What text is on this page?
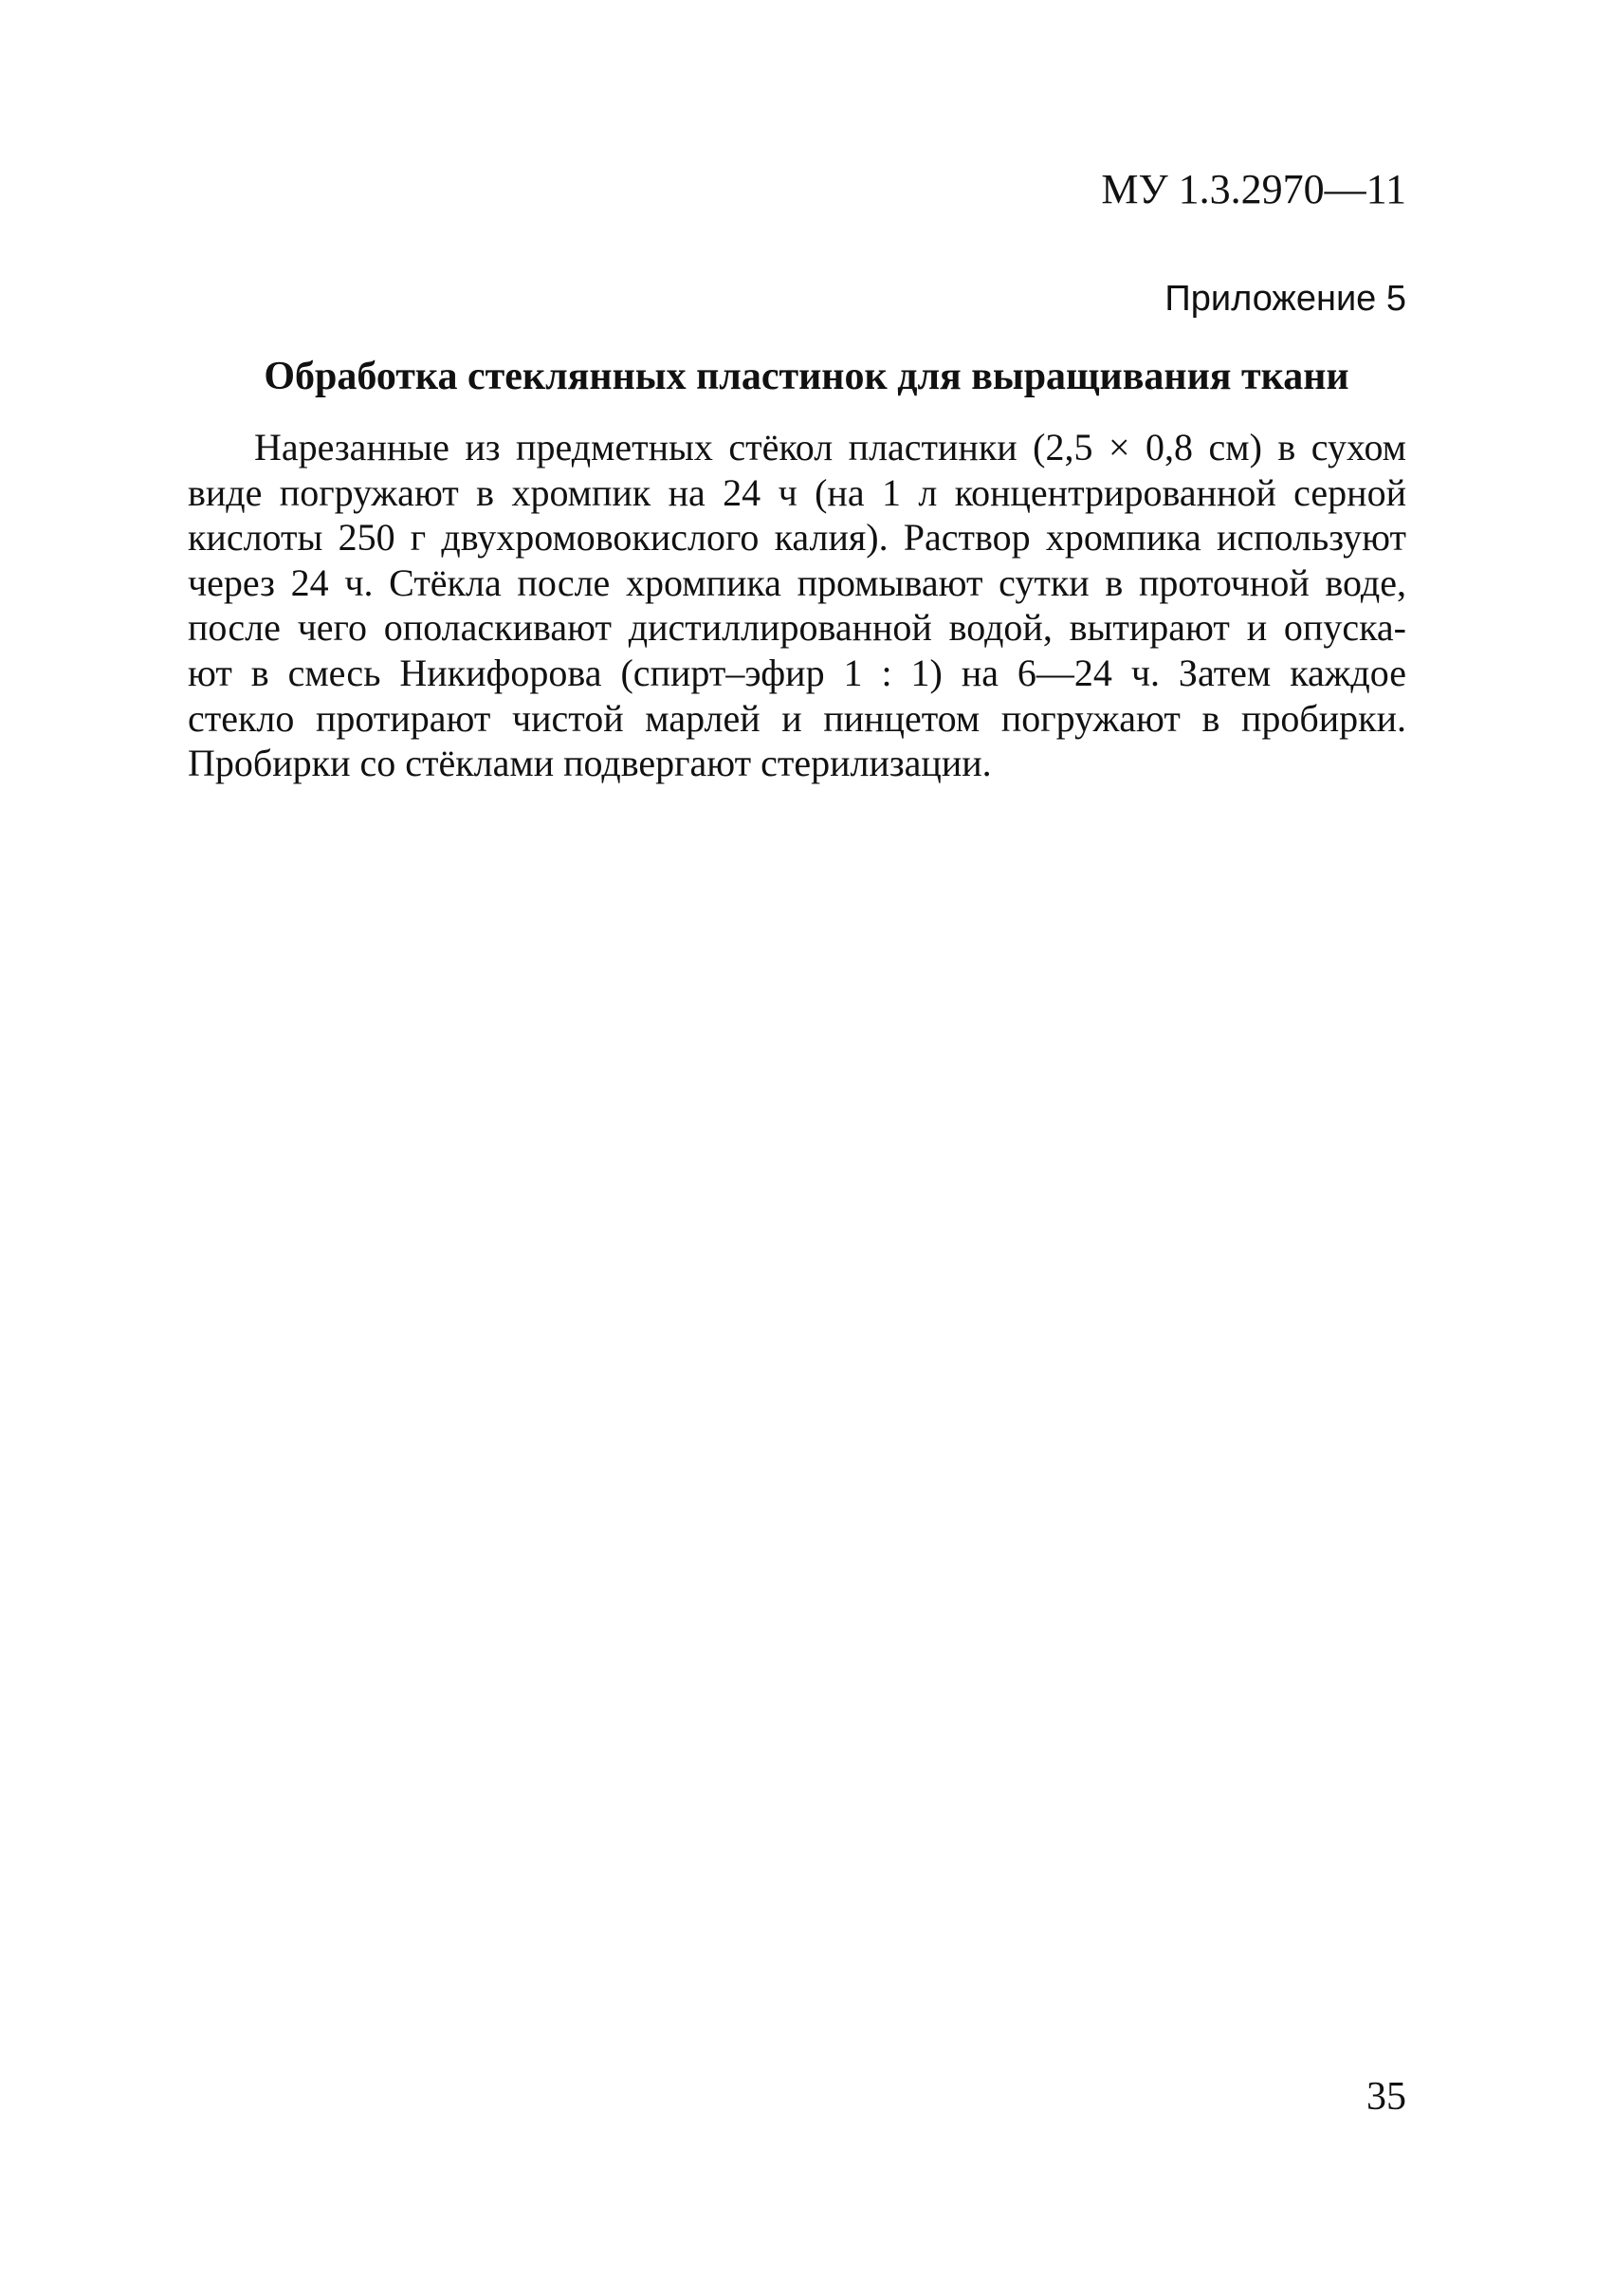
МУ 1.3.2970—11
Приложение 5
Обработка стеклянных пластинок для выращивания ткани
Нарезанные из предметных стёкол пластинки (2,5 × 0,8 см) в сухом
виде погружают в хромпик на 24 ч (на 1 л концентрированной серной
кислоты 250 г двухромовокислого калия). Раствор хромпика используют
через 24 ч. Стёкла после хромпика промывают сутки в проточной воде,
после чего ополаскивают дистиллированной водой, вытирают и опуска-
ют в смесь Никифорова (спирт–эфир 1 : 1) на 6—24 ч. Затем каждое
стекло протирают чистой марлей и пинцетом погружают в пробирки.
Пробирки со стёклами подвергают стерилизации.
35
